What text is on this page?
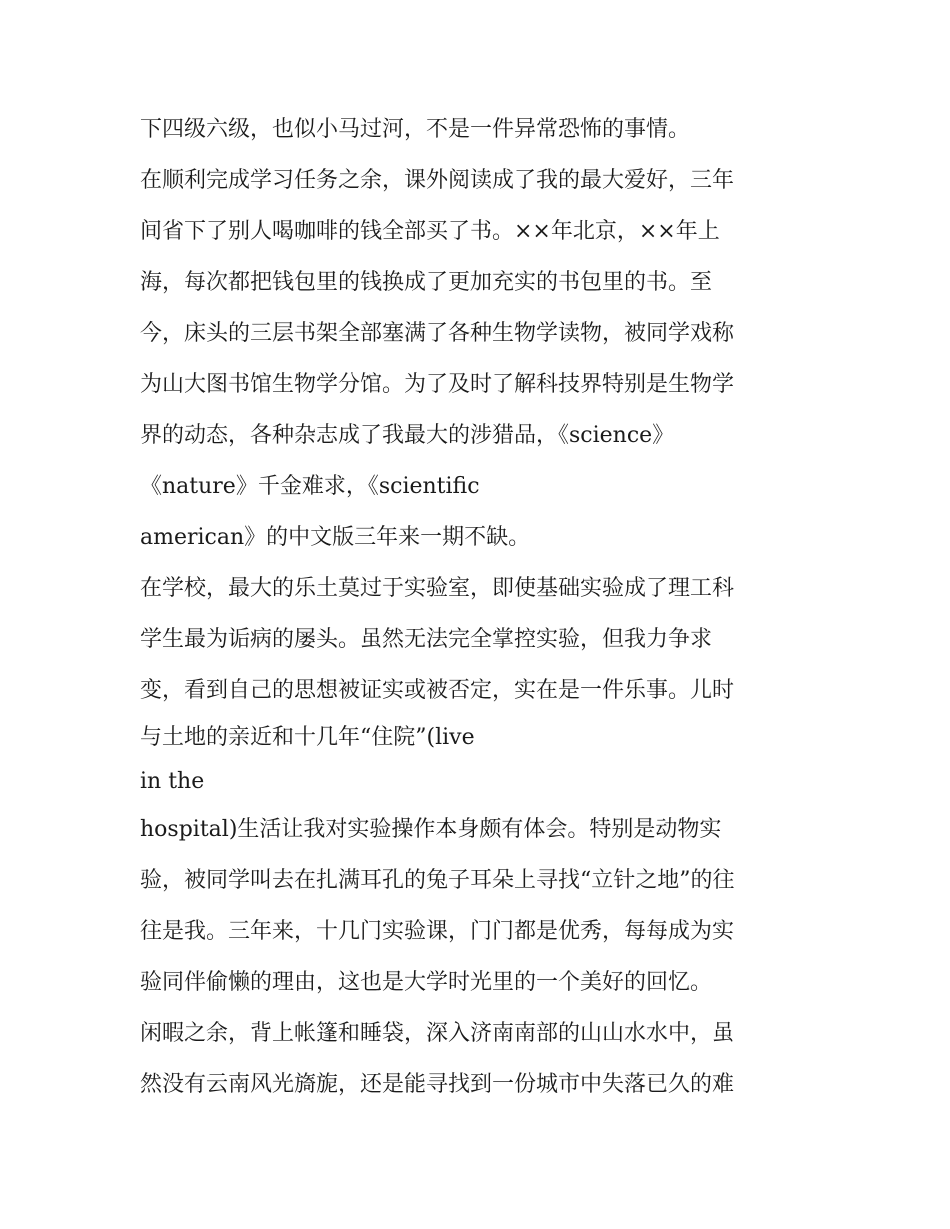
下四级六级，也似小马过河，不是一件异常恐怖的事情。
在顺利完成学习任务之余，课外阅读成了我的最大爱好，三年
间省下了别人喝咖啡的钱全部买了书。××年北京，××年上
海，每次都把钱包里的钱换成了更加充实的书包里的书。至
今，床头的三层书架全部塞满了各种生物学读物，被同学戏称
为山大图书馆生物学分馆。为了及时了解科技界特别是生物学
界的动态，各种杂志成了我最大的涉猎品，《science》
《nature》千金难求，《scientific
american》的中文版三年来一期不缺。
在学校，最大的乐土莫过于实验室，即使基础实验成了理工科
学生最为诟病的屡头。虽然无法完全掌控实验，但我力争求
变，看到自己的思想被证实或被否定，实在是一件乐事。儿时
与土地的亲近和十几年“住院”(live
in the
hospital)生活让我对实验操作本身颇有体会。特别是动物实
验，被同学叫去在扎满耳孔的兔子耳朵上寻找“立针之地”的往
往是我。三年来，十几门实验课，门门都是优秀，每每成为实
验同伴偷懒的理由，这也是大学时光里的一个美好的回忆。
闲暇之余，背上帐篷和睡袋，深入济南南部的山山水水中，虽
然没有云南风光旖旎，还是能寻找到一份城市中失落已久的难
